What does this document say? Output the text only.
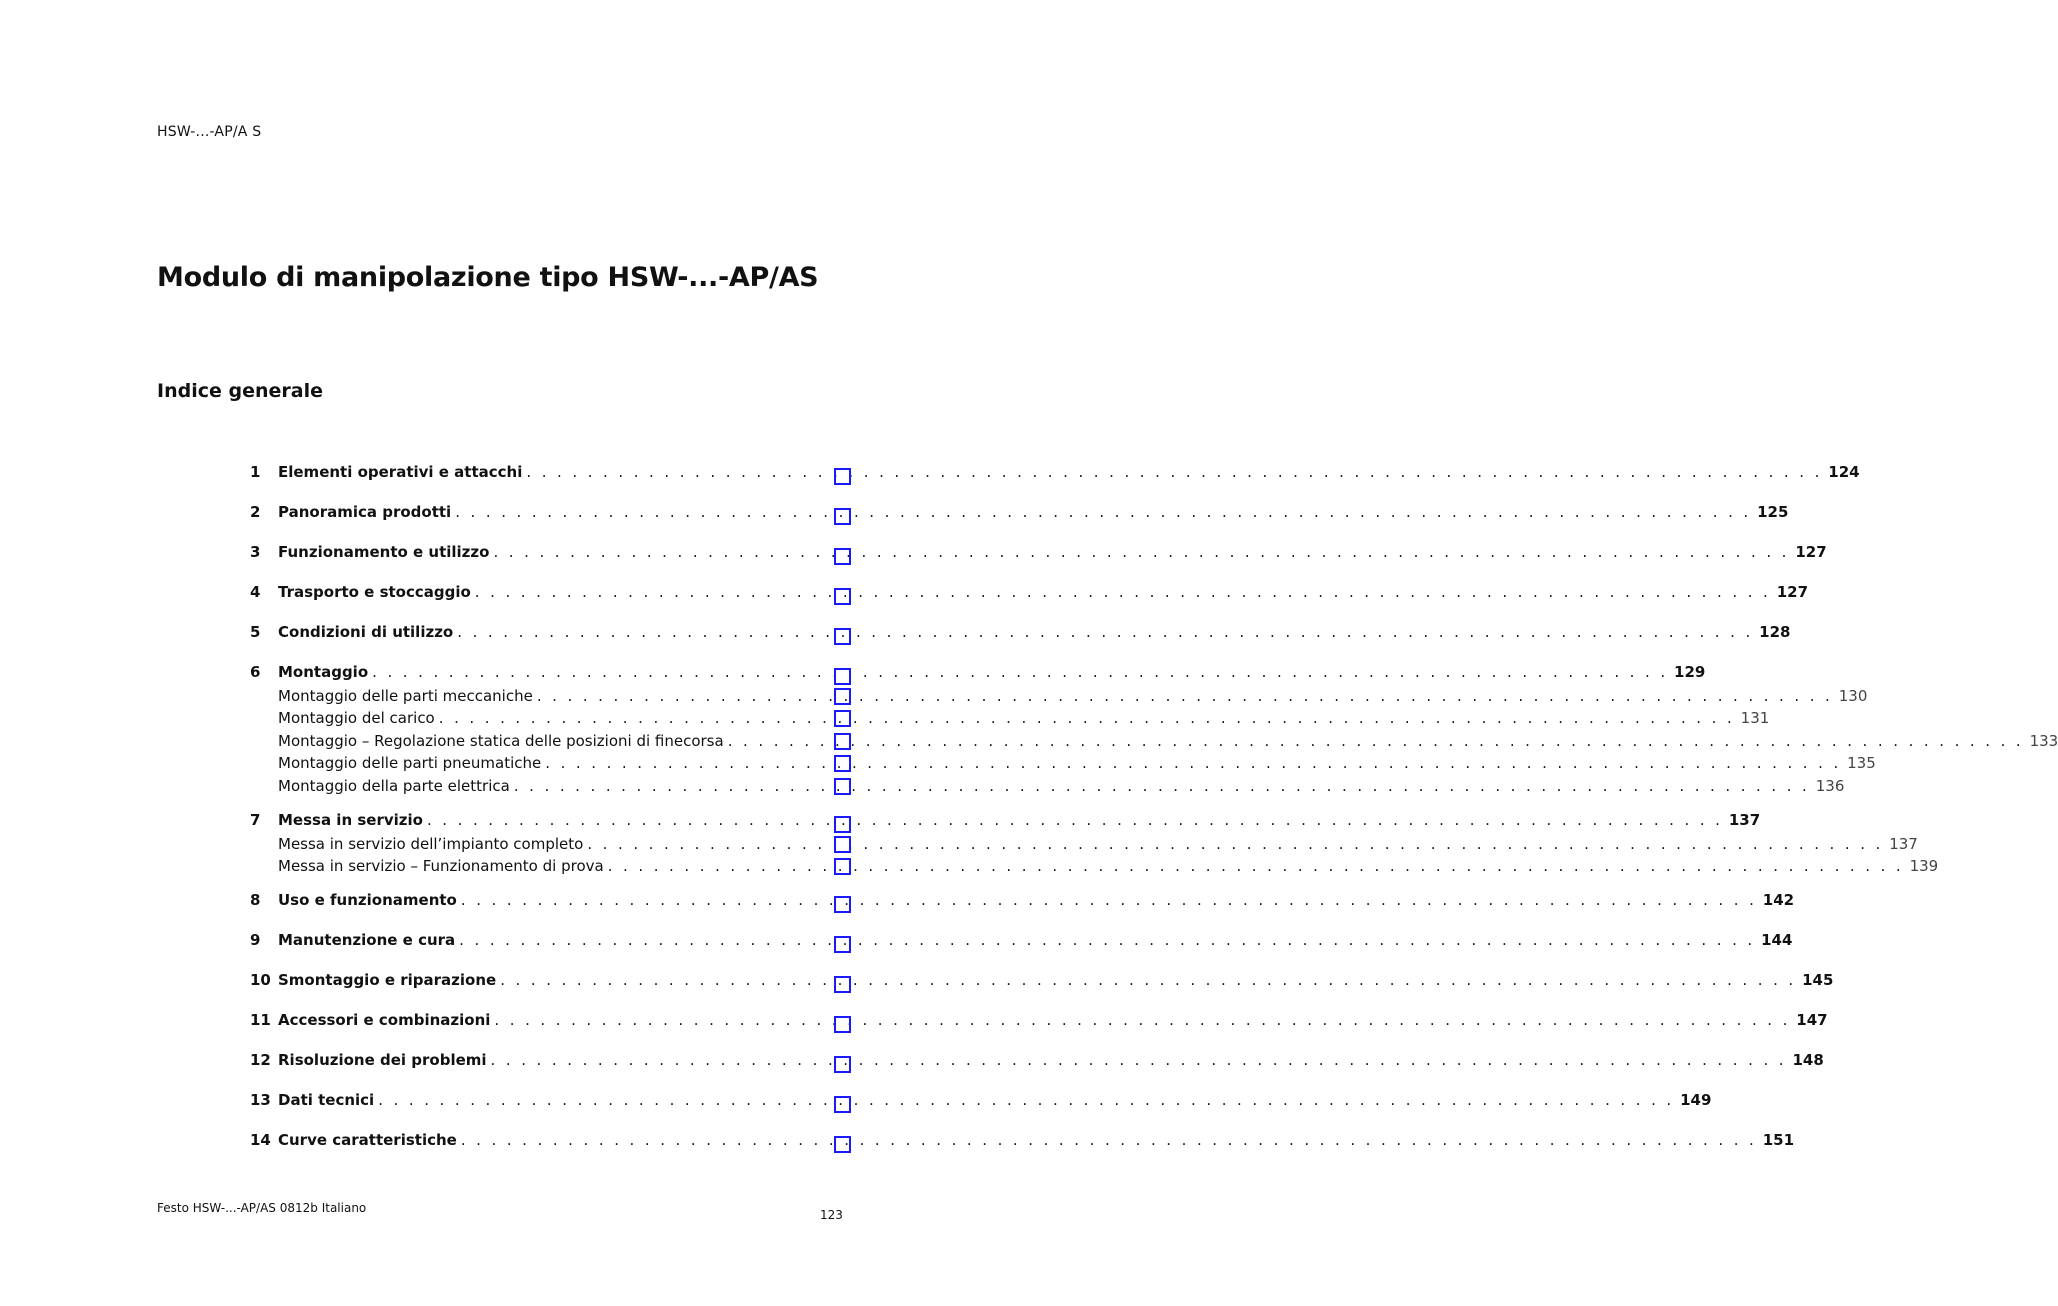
HSW-...-AP/A S
Modulo di manipolazione tipo HSW-...-AP/AS
Indice generale
1	Elementi operativi e attacchi . . . . . . . . . . . . . . . . . . . . . . . . . . . . . . . . . . . . . . . . . . . . . . . . . . . . . . . . . . . . . . . . . . . . . . . . . . . . . . . . . . . . . 124
2	Panoramica prodotti . . . . . . . . . . . . . . . . . . . . . . . . . . . . . . . . . . . . . . . . . . . . . . . . . . . . . . . . . . . . . . . . . . . . . . . . . . . . . . . . . . . . . 125
3	Funzionamento e utilizzo . . . . . . . . . . . . . . . . . . . . . . . . . . . . . . . . . . . . . . . . . . . . . . . . . . . . . . . . . . . . . . . . . . . . . . . . . . . . . . . . . . . . . 127
4	Trasporto e stoccaggio . . . . . . . . . . . . . . . . . . . . . . . . . . . . . . . . . . . . . . . . . . . . . . . . . . . . . . . . . . . . . . . . . . . . . . . . . . . . . . . . . . . . . 127
5	Condizioni di utilizzo . . . . . . . . . . . . . . . . . . . . . . . . . . . . . . . . . . . . . . . . . . . . . . . . . . . . . . . . . . . . . . . . . . . . . . . . . . . . . . . . . . . . . 128
6	Montaggio . . . . . . . . . . . . . . . . . . . . . . . . . . . . . . . . . . . . . . . . . . . . . . . . . . . . . . . . . . . . . . . . . . . . . . . . . . . . . . . . . . . . . 129
Montaggio delle parti meccaniche . . . . . . . . . . . . . . . . . . . . . . . . . . . . . . . . . . . . . . . . . . . . . . . . . . . . . . . . . . . . . . . . . . . . . . . . . . . . . . . . . . . . . 130
Montaggio del carico . . . . . . . . . . . . . . . . . . . . . . . . . . . . . . . . . . . . . . . . . . . . . . . . . . . . . . . . . . . . . . . . . . . . . . . . . . . . . . . . . . . . . 131
Montaggio – Regolazione statica delle posizioni di finecorsa . . . . . . . . . . . . . . . . . . . . . . . . . . . . . . . . . . . . . . . . . . . . . . . . . . . . . . . . . . . . . . . . . . . . . . . . . . . . . . . . . . . . . 133
Montaggio delle parti pneumatiche . . . . . . . . . . . . . . . . . . . . . . . . . . . . . . . . . . . . . . . . . . . . . . . . . . . . . . . . . . . . . . . . . . . . . . . . . . . . . . . . . . . . . 135
Montaggio della parte elettrica . . . . . . . . . . . . . . . . . . . . . . . . . . . . . . . . . . . . . . . . . . . . . . . . . . . . . . . . . . . . . . . . . . . . . . . . . . . . . . . . . . . . . 136
7	Messa in servizio . . . . . . . . . . . . . . . . . . . . . . . . . . . . . . . . . . . . . . . . . . . . . . . . . . . . . . . . . . . . . . . . . . . . . . . . . . . . . . . . . . . . . 137
Messa in servizio dell’impianto completo . . . . . . . . . . . . . . . . . . . . . . . . . . . . . . . . . . . . . . . . . . . . . . . . . . . . . . . . . . . . . . . . . . . . . . . . . . . . . . . . . . . . . 137
Messa in servizio – Funzionamento di prova . . . . . . . . . . . . . . . . . . . . . . . . . . . . . . . . . . . . . . . . . . . . . . . . . . . . . . . . . . . . . . . . . . . . . . . . . . . . . . . . . . . . . 139
8	Uso e funzionamento . . . . . . . . . . . . . . . . . . . . . . . . . . . . . . . . . . . . . . . . . . . . . . . . . . . . . . . . . . . . . . . . . . . . . . . . . . . . . . . . . . . . . 142
9	Manutenzione e cura . . . . . . . . . . . . . . . . . . . . . . . . . . . . . . . . . . . . . . . . . . . . . . . . . . . . . . . . . . . . . . . . . . . . . . . . . . . . . . . . . . . . . 144
10 Smontaggio e riparazione . . . . . . . . . . . . . . . . . . . . . . . . . . . . . . . . . . . . . . . . . . . . . . . . . . . . . . . . . . . . . . . . . . . . . . . . . . . . . . . . . . . . . 145
11 Accessori e combinazioni . . . . . . . . . . . . . . . . . . . . . . . . . . . . . . . . . . . . . . . . . . . . . . . . . . . . . . . . . . . . . . . . . . . . . . . . . . . . . . . . . . . . . 147
12 Risoluzione dei problemi . . . . . . . . . . . . . . . . . . . . . . . . . . . . . . . . . . . . . . . . . . . . . . . . . . . . . . . . . . . . . . . . . . . . . . . . . . . . . . . . . . . . . 148
13 Dati tecnici . . . . . . . . . . . . . . . . . . . . . . . . . . . . . . . . . . . . . . . . . . . . . . . . . . . . . . . . . . . . . . . . . . . . . . . . . . . . . . . . . . . . . 149
14 Curve caratteristiche . . . . . . . . . . . . . . . . . . . . . . . . . . . . . . . . . . . . . . . . . . . . . . . . . . . . . . . . . . . . . . . . . . . . . . . . . . . . . . . . . . . . . 151
Festo HSW-...-AP/AS 0812b Italiano	123
